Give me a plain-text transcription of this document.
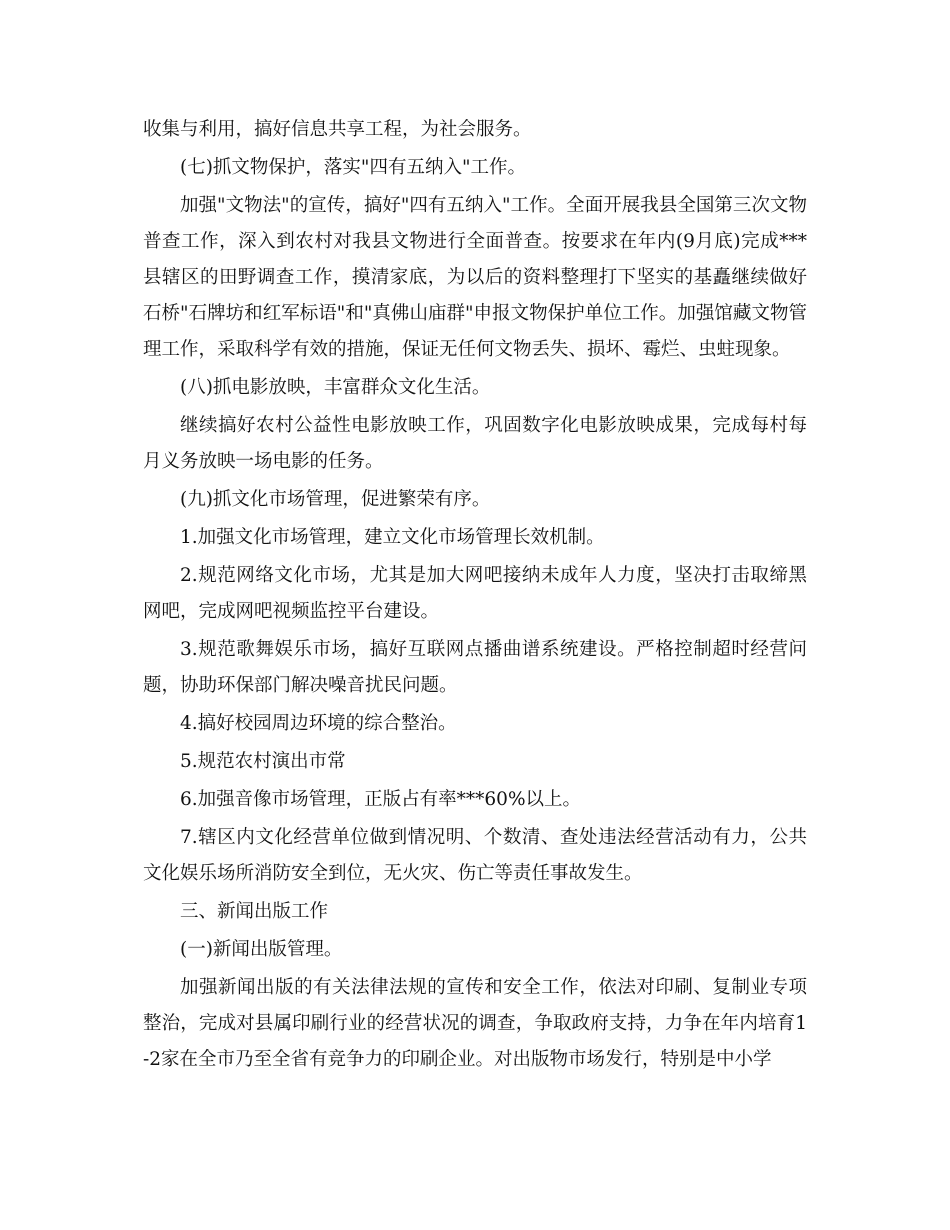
收集与利用，搞好信息共享工程，为社会服务。

(七)抓文物保护，落实"四有五纳入"工作。

加强"文物法"的宣传，搞好"四有五纳入"工作。全面开展我县全国第三次文物普查工作，深入到农村对我县文物进行全面普查。按要求在年内(9月底)完成***县辖区的田野调查工作，摸清家底，为以后的资料整理打下坚实的基矗继续做好石桥"石牌坊和红军标语"和"真佛山庙群"申报文物保护单位工作。加强馆藏文物管理工作，采取科学有效的措施，保证无任何文物丢失、损坏、霉烂、虫蛀现象。

(八)抓电影放映，丰富群众文化生活。

继续搞好农村公益性电影放映工作，巩固数字化电影放映成果，完成每村每月义务放映一场电影的任务。

(九)抓文化市场管理，促进繁荣有序。

1.加强文化市场管理，建立文化市场管理长效机制。

2.规范网络文化市场，尤其是加大网吧接纳未成年人力度，坚决打击取缔黑网吧，完成网吧视频监控平台建设。

3.规范歌舞娱乐市场，搞好互联网点播曲谱系统建设。严格控制超时经营问题，协助环保部门解决噪音扰民问题。

4.搞好校园周边环境的综合整治。

5.规范农村演出市常

6.加强音像市场管理，正版占有率***60%以上。

7.辖区内文化经营单位做到情况明、个数清、查处违法经营活动有力，公共文化娱乐场所消防安全到位，无火灾、伤亡等责任事故发生。

三、新闻出版工作

(一)新闻出版管理。

加强新闻出版的有关法律法规的宣传和安全工作，依法对印刷、复制业专项整治，完成对县属印刷行业的经营状况的调查，争取政府支持，力争在年内培育1-2家在全市乃至全省有竞争力的印刷企业。对出版物市场发行，特别是中小学
